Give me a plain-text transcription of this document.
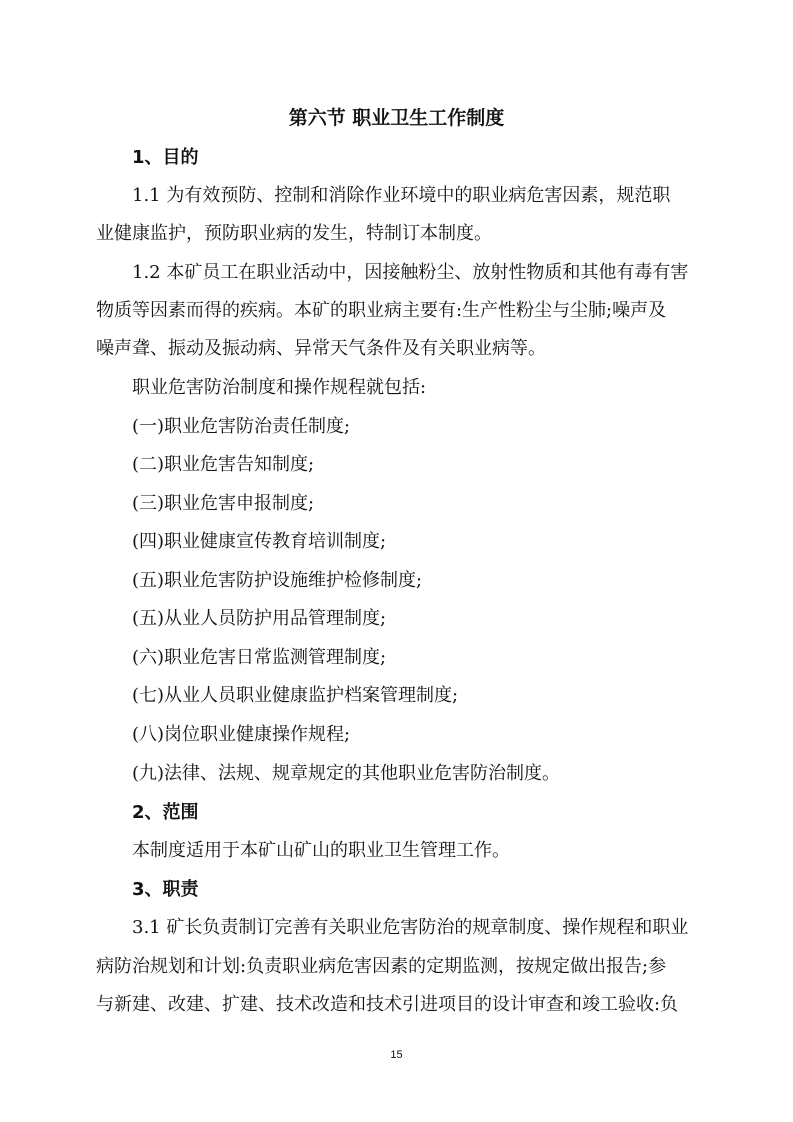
第六节 职业卫生工作制度
1、目的
1.1 为有效预防、控制和消除作业环境中的职业病危害因素，规范职
业健康监护，预防职业病的发生，特制订本制度。
1.2 本矿员工在职业活动中，因接触粉尘、放射性物质和其他有毒有害
物质等因素而得的疾病。本矿的职业病主要有:生产性粉尘与尘肺;噪声及
噪声聋、振动及振动病、异常天气条件及有关职业病等。
职业危害防治制度和操作规程就包括:
(一)职业危害防治责任制度;
(二)职业危害告知制度;
(三)职业危害申报制度;
(四)职业健康宣传教育培训制度;
(五)职业危害防护设施维护检修制度;
(五)从业人员防护用品管理制度;
(六)职业危害日常监测管理制度;
(七)从业人员职业健康监护档案管理制度;
(八)岗位职业健康操作规程;
(九)法律、法规、规章规定的其他职业危害防治制度。
2、范围
本制度适用于本矿山矿山的职业卫生管理工作。
3、职责
3.1 矿长负责制订完善有关职业危害防治的规章制度、操作规程和职业
病防治规划和计划:负责职业病危害因素的定期监测，按规定做出报告;参
与新建、改建、扩建、技术改造和技术引进项目的设计审查和竣工验收:负
15
